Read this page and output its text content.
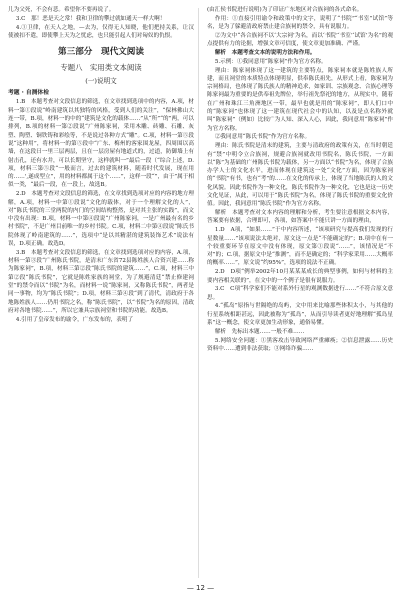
儿为父死，不会有悲。希望你不要再说了。

3.C　那！恶是天之常！我和卫律的攀过就如通天一样大啊！

4.①卫律，在天人之地，—去为，仅得无人知晓，他们把持关系，让汉使被扣不遣，即使攀上天为之忧虑，也只能引起人们对匈奴的仇恨。

第三部分　现代文阅读
专题八　实用类文本阅读
(一)说明文
考题 · 自测体检

1.B　本题考查对文段信息的筛选，在文章找到选项中的内容，A.项，材料一第①段说“岭南建筑以其独特的风格，受到人们的关注”，“保林佛山大连一带，B.项，材料一的中的“建筑是文化的载体……”从“所”“的”两，可以排列，B.项的材料一第②段说“广州陈家祠，采用木雕、砖雕、石雕、灰塑、陶塑、铜铁铸和彩绘等，不是说过各种方式“雕”。C.项，材料一第⑤段说“这种用”，将材料一的第⑤段中“广东、梅州的客家围龙屋，四周围以高墙，在这段曰一里三层两层，且在一层房屋有地道式的，过道，防御墙上有射击孔，还有水井，可以长期坚守，这样就叫一”最后一段（“综合上述，D.项，材料三第⑤段“一般而言，过去的建筑材料，随着时代发展，现在用的……',遂成型立”，用的材料都属于这个……”，这样一段“”，由于”属于相似一类，“最后一段，在一段上，故选B。

2.D　本题考查对文段信息的筛选，在文章找到选项对应的内容的地方理解，A.项，材料一中第①段说“文化的载体，对于一个理解文化的人”，对“陈氏书院的三堂两院的内门的空间结构整然，是对其主张的实践”，而文中没有出现：B.项，材料一中第④段说“广州陈家祠，一是广州最有名的乡村书院”，不是广州目前唯一的乡村书院。C.项，材料二中第④段说“陈氏书院体现了岭南建筑的……”，选项中“是以其精湛的建筑装饰艺术”说法有误，D.项正确。故选D。

3.B　本题考查对文段信息的筛选，在文章找到选项对应的内容，A.项，材料一第③段“广州陈氏书院，是清末广东省72县陈姓族人合资兴建……称为陈家祠”，B.项，材料三第②段“陈氏书院的建筑……”，C.项，材料三中第②段“陈氏书院”，它就是陈姓家族的祠堂，为了规避清廷“禁止修建祠堂”的禁令而以“书院”为名，而材料一说“陈家祠，又称陈氏书院”，两者是同一事物，均为“陈氏书院”；D.项，材料三第④段“到了清代，清政府于各地陈姓族人……仍用书院之名，称“陈氏书院”，以“书院”为名的原因，清政府对各地书院……”，所以它兼具宗族祠堂和书院的功能。故选B。

4.引用了皇帝发布的谕令，广东发布的，表明了

(由汇侯书院进行说明)为了印证广东地区对合族祠的各式命名。

作用：①直接引用谕令和政策中的文字，说明了“书院”“书室”试馆”等名，是为了躲避清政府禁止建合族祠的禁令，具有说服力。

②为文中“各合族祠不以‘大宗祠’为名，而以‘书院’‘书室’‘试馆’为名”的观点提供有力的论据，增强文章可信度，使文章更加准确、严谨。

解析　本题考查文本的说明方法和作用。

5.示例：①我同意用“陈家祠”作为官方名称。

理由：陈家祠体现了这一建筑的主要特点，陈家祠本就是陈姓族人所建，而且祠堂的本质特点体现明显，供奉陈氏祖先，从形式上看，陈家祠为宗祠格局，也体现了陈氏族人的精神追求，如家训、宗族观念、合族心理等陈家祠最为重要的是供奉祖先牌位，举行祖先祭祀的地方，从现实中，随着在广州和珠江三角洲地区一带，最早也就是用的“陈家祠”，即人们口中的“陈家祠”也体现了这一建筑在现代社会中的认知，以及是点名称外就叫“陈家祠”（例如）比较广为人知、深入人心，因此，我同意用“陈家祠”作为官方名称。

②我同意用“陈氏书院”作为官方名称。

理由：陈氏书院是清末的建筑，主要与清政府的政策有关，在当时朝廷有“禁”中明令立合族祠，规避合族祠就改用书院名，陈氏书院，一方面以“陈”为基础的广州陈氏书院为载体，另一方面以“书院”为名，体现了合族办学人士的文化水平，进而体现在建筑这一处“文化”方面，因为陈家祠的“书院”有书，也有“考”的……在文化的传承上，体现了当地陈氏的人的文化风貌。因此书院作为一种文化，陈氏书院作为一种文化，它也是这一历史文化见证，从此，可以用于“陈氏书院”为名，体现了陈氏书院的重要文化价值。因此，我同意用“陈氏书院”作为官方名称。

解析　本题考查对文本内容的理解和分析，考生要注意根据文本内容，答案要有依据，合理即可，各项，如答案中不能只讲一方面的理由，

1.D　A项，“如果……”于中内容所述，“该项研究与提高我们发现的行星数量……”该项说法太绝对，原文这一点是“不能确定的”；B.项中在有一个较重要环节在原文中没有体现，原文第①段说“……”，该情况是“不对”的；C.项，据原文中是“推测”，而不是确定的；“科学家采用……大概率的概率……”，原文说“约95%”，选项的说法不正确。

2.D　D项“例举2002年10月某某某成长的典型事例，如何与材料的主要内容相关联的”，在文中的一个例子是很有说服力。

3.C　C项“科学家们不能对系外行星的观测数据进行……”不符合原文意思。

4.“孤岛”原指与世隔绝的岛屿，文中用来比喻那些体积太小，与其他的行星系统相距甚远，因此被称为“孤岛”，从而引导读者更好地理解“孤岛星系”这一概念，使文章更加生动形象，通俗易懂。

解析　先标出本题……一般不难……

5.网络安全问题：①黑客攻击导致网络严重瘫痪；②信息泄露……历史资料中……遭到非法获取；③网络诈骗……

— 12 —
